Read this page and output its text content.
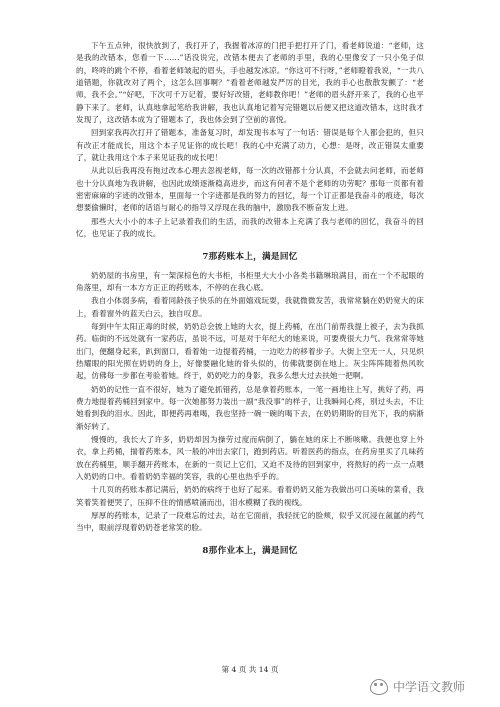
下午五点钟，很快放到了，我打开了，我握着冰凉的门把手把打开了门，看老师说道：“老师，这是我的改错本，您看一下……”话没说完，改错本便去了老师的手里，我的心里像安了一只小兔子似的，咚咚的跳个不停，看着老师皱起的眉头，手也越发冰凉。“你这可不行呀，”老师瞪着我说，“一共八道错题，你就改对了两个，这怎么回事啊？”看着老师越发严厉的目光，我的手心也散散发颤了：“老师，我不会。”“好吧，下次可千万记着，要好好改错，老师教你吧！”老师的眉头舒开来了，我的心也平静下来了。老师，认真地拿起笔给我讲解，我也认真地记着写完错题以后便又把这道改错本，这时我才发现了，这改错本成为了错题本了，我也体会到了空前的喜悦。

回到家我再次打开了错题本，准备复习时，却发现书本写了一句话：错误是每个人都会犯的，但只有改正才能成长，用这个本子见证你的成长吧！我的心中充满了动力，心想：是呀，改正错误太重要了，就让我用这个本子来见证我的成长吧！

从此以后我再没有拖过改本心理去忽视老师，每一次的改错都十分认真，不会就去问老师，而老师也十分认真地为我讲解，也因此成绩逐渐稳高进步，而这有何者不是个老师的功劳呢？那每一页都有着密密麻麻的字迹的改错本，里面每一个字迹都是我的努力的回忆，每一个订正都是我奋斗的痕迹，每次想要偷懒时，老师的话语与耐心的指导又浮现在我的脑中，激励我不断奋发上进。

那些大大小小的本子上记录着我们的生活，而我的改错本上充满了我与老师的回忆，我奋斗的回忆，也见证了我的成长。

7那药账本上，满是回忆

奶奶屋的书房里，有一架深棕色的大书柜，书柜里大大小小各类书籍琳琅满目，而在一个不起眼的角落里，却有一本方方正正的药账本，不停的在我心底。

我自小体弱多病，看着同龄孩子快乐的在外面嬉戏玩耍，我就微微发苦，我常常躺在奶奶宽大的床上，看着窗外的蓝天白云，独自叹息。

每到中午太阳正毒的时候，奶奶总会披上她的大衣，提上药桶，在出门前帮我提上被子，去为我抓药。临街的不远处就有一家药店，虽说不远，可是对于年纪大的她来说，可要费很大力气。我常常等她出门，便翻身起来，趴到窗口，看着她一边提着药桶，一边吃力的移着步子。大街上空无一人，只见炽热耀眼的阳光照在奶奶的身上，好像要融化她的骨头似的，仿佛就要倒在地上。灰尘阵阵随着热风吹起，仿佛每一步都在考验着她。终于，奶奶吃力的身影，我多么想大过去扶她一把啊。

奶奶的记性一直不很好，她为了避免抓错药，总是拿着药账本，一笔一画地往上写，挑好了药，再费力地提着药桶回到家中。每一次她都努力装出一副“我没事”的样子，让我瞬间心疼，别过头去，不让她看到我的泪水。因此，即便药再难喝，我也坚持一碗一碗的喝下去，在奶奶期盼的目光下，我的病渐渐好转了。

慢慢的，我长大了许多，奶奶却因为操劳过度而病倒了，躺在她的床上不断咳嗽。我便也穿上外衣，拿上药桶，揣着药账本，风一般的冲出去家门，跑到药店。听着医药的指点，在药房里买了几味药放在药桶里，顺手翻开药账本，在新的一页记上它们，又迫不及待的回到家中，将熬好的药一点一点喂入奶奶的口中。看着奶奶幸福的笑容，我的心里也热乎乎的。

十几页的药账本都记满后，奶奶的病终于也好了起来。看着奶奶又能为我做出可口美味的菜肴，我笑着笑着便哭了，压抑不住的情感喷涌而出，泪水模糊了我的视线。

厚厚的药账本，记录了一段难忘的过去，站在它面前，我轻抚它的脸颊，似乎又沉浸在氤氲的药气当中，眼前浮现着奶奶苍老常笑的脸。

8那作业本上，满是回忆
第 4 页 共 14 页
中学语文教师
